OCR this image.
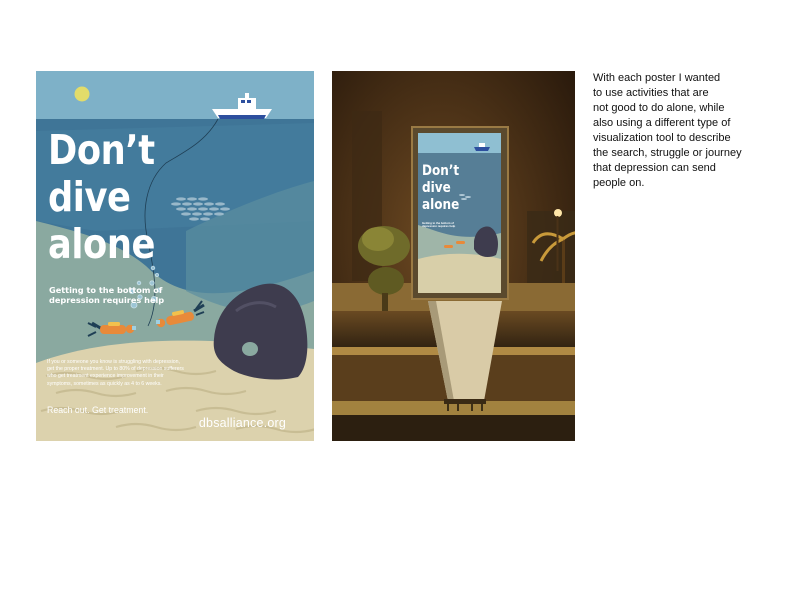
Don’t
dive
alone

Getting to the bottom of depression requires help

If you or someone you know is struggling with depression, get the proper treatment. Up to 80% of depression sufferers who get treatment experience improvement in their symptoms, sometimes as quickly as 4 to 6 weeks.

Reach out. Get treatment.

dbsalliance.org

Don’t
dive
alone

Getting to the bottom of depression requires help

With each poster I wanted
to use activities that are
not good to do alone, while
also using a different type of
visualization tool to describe
the search, struggle or journey
that depression can send
people on.
